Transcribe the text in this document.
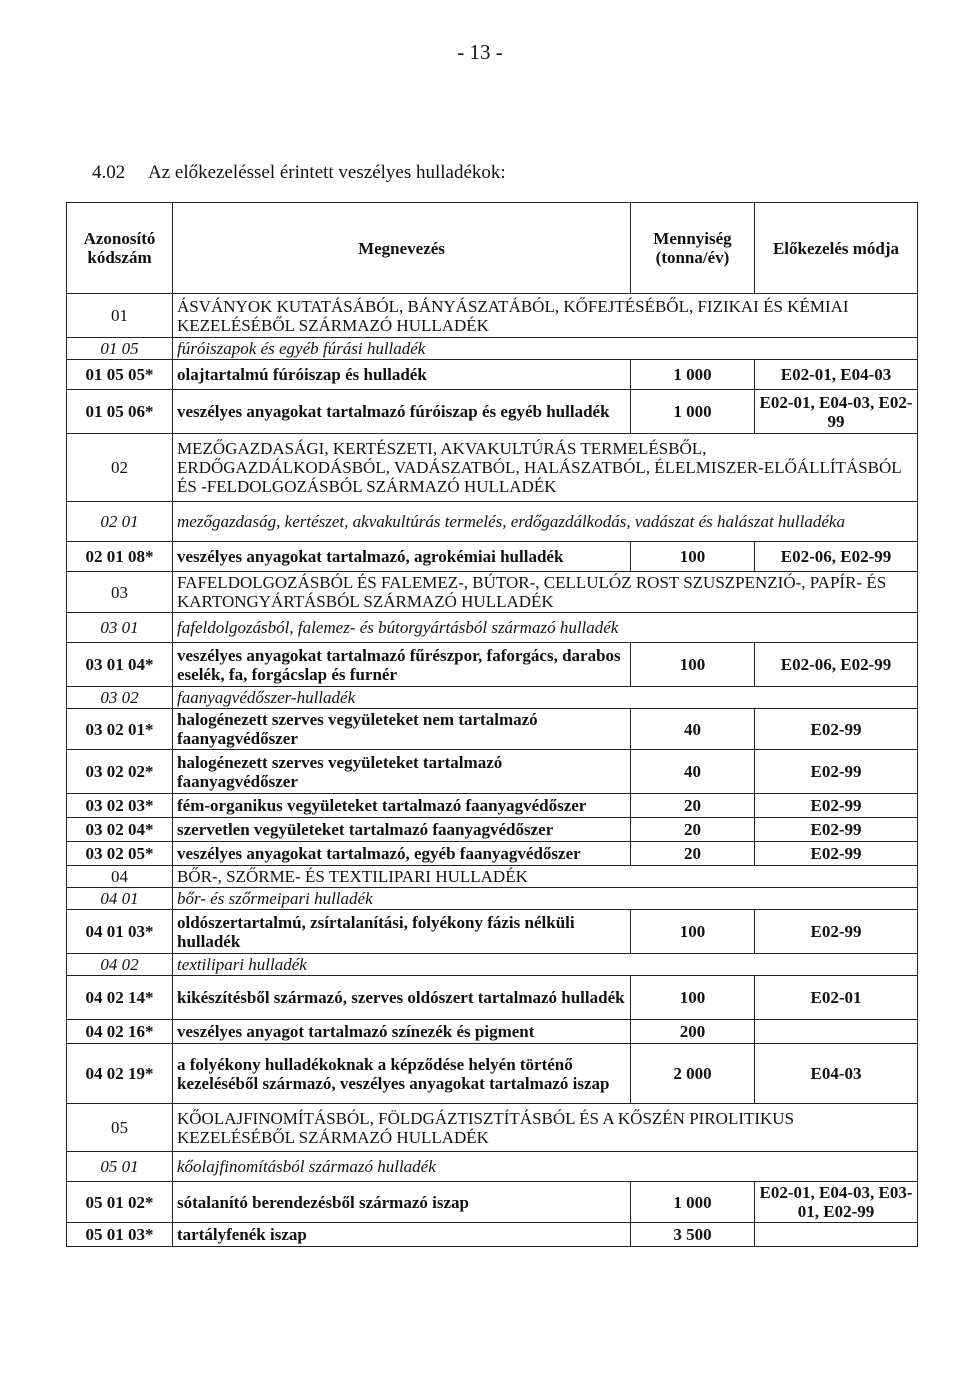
- 13 -
4.02 Az előkezeléssel érintett veszélyes hulladékok:
Azonosító kódszám	Megnevezés	Mennyiség (tonna/év)	Előkezelés módja
01	ÁSVÁNYOK KUTATÁSÁBÓL, BÁNYÁSZATÁBÓL, KŐFEJTÉSÉBŐL, FIZIKAI ÉS KÉMIAI KEZELÉSÉBŐL SZÁRMAZÓ HULLADÉK		
01 05	fúróiszapok és egyéb fúrási hulladék		
01 05 05*	olajtartalmú fúróiszap és hulladék	1 000	E02-01, E04-03
01 05 06*	veszélyes anyagokat tartalmazó fúróiszap és egyéb hulladék	1 000	E02-01, E04-03, E02-99
02	MEZŐGAZDASÁGI, KERTÉSZETI, AKVAKULTÚRÁS TERMELÉSBŐL, ERDŐGAZDÁLKODÁSBÓL, VADÁSZATBÓL, HALÁSZATBÓL, ÉLELMISZER-ELŐÁLLÍTÁSBÓL ÉS -FELDOLGOZÁSBÓL SZÁRMAZÓ HULLADÉK		
02 01	mezőgazdaság, kertészet, akvakultúrás termelés, erdőgazdálkodás, vadászat és halászat hulladéka		
02 01 08*	veszélyes anyagokat tartalmazó, agrokémiai hulladék	100	E02-06, E02-99
03	FAFELDOLGOZÁSBÓL ÉS FALEMEZ-, BÚTOR-, CELLULÓZ ROST SZUSZPENZIÓ-, PAPÍR- ÉS KARTONGYÁRTÁSBÓL SZÁRMAZÓ HULLADÉK		
03 01	fafeldolgozásból, falemez- és bútorgyártásból származó hulladék		
03 01 04*	veszélyes anyagokat tartalmazó fűrészpor, faforgács, darabos eselék, fa, forgácslap és furnér	100	E02-06, E02-99
03 02	faanyagvédőszer-hulladék		
03 02 01*	halogénezett szerves vegyületeket nem tartalmazó faanyagvédőszer	40	E02-99
03 02 02*	halogénezett szerves vegyületeket tartalmazó faanyagvédőszer	40	E02-99
03 02 03*	fém-organikus vegyületeket tartalmazó faanyagvédőszer	20	E02-99
03 02 04*	szervetlen vegyületeket tartalmazó faanyagvédőszer	20	E02-99
03 02 05*	veszélyes anyagokat tartalmazó, egyéb faanyagvédőszer	20	E02-99
04	BŐR-, SZŐRME- ÉS TEXTILIPARI HULLADÉK		
04 01	bőr- és szőrmeipari hulladék		
04 01 03*	oldószertartalmú, zsírtalanítási, folyékony fázis nélküli hulladék	100	E02-99
04 02	textilipari hulladék		
04 02 14*	kikészítésből származó, szerves oldószert tartalmazó hulladék	100	E02-01
04 02 16*	veszélyes anyagot tartalmazó színezék és pigment	200	
04 02 19*	a folyékony hulladékoknak a képződése helyén történő kezeléséből származó, veszélyes anyagokat tartalmazó iszap	2 000	E04-03
05	KŐOLAJFINOMÍTÁSBÓL, FÖLDGÁZTISZTÍTÁSBÓL ÉS A KŐSZÉN PIROLITIKUS KEZELÉSÉBŐL SZÁRMAZÓ HULLADÉK		
05 01	kőolajfinomításból származó hulladék		
05 01 02*	sótalanító berendezésből származó iszap	1 000	E02-01, E04-03, E03-01, E02-99
05 01 03*	tartályfenék iszap	3 500	
